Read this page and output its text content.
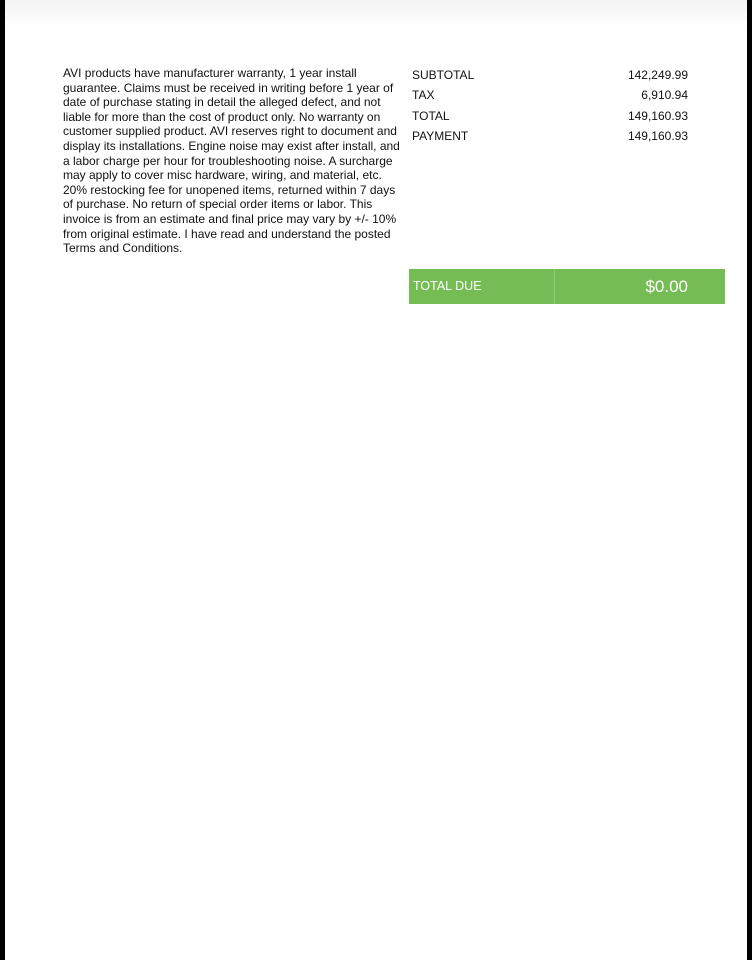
AVI products have manufacturer warranty, 1 year install guarantee. Claims must be received in writing before 1 year of date of purchase stating in detail the alleged defect, and not liable for more than the cost of product only. No warranty on customer supplied product. AVI reserves right to document and display its installations. Engine noise may exist after install, and a labor charge per hour for troubleshooting noise. A surcharge may apply to cover misc hardware, wiring, and material, etc. 20% restocking fee for unopened items, returned within 7 days of purchase. No return of special order items or labor. This invoice is from an estimate and final price may vary by +/- 10% from original estimate. I have read and understand the posted Terms and Conditions.

SUBTOTAL	142,249.99
TAX	6,910.94
TOTAL	149,160.93
PAYMENT	149,160.93
TOTAL DUE	$0.00
